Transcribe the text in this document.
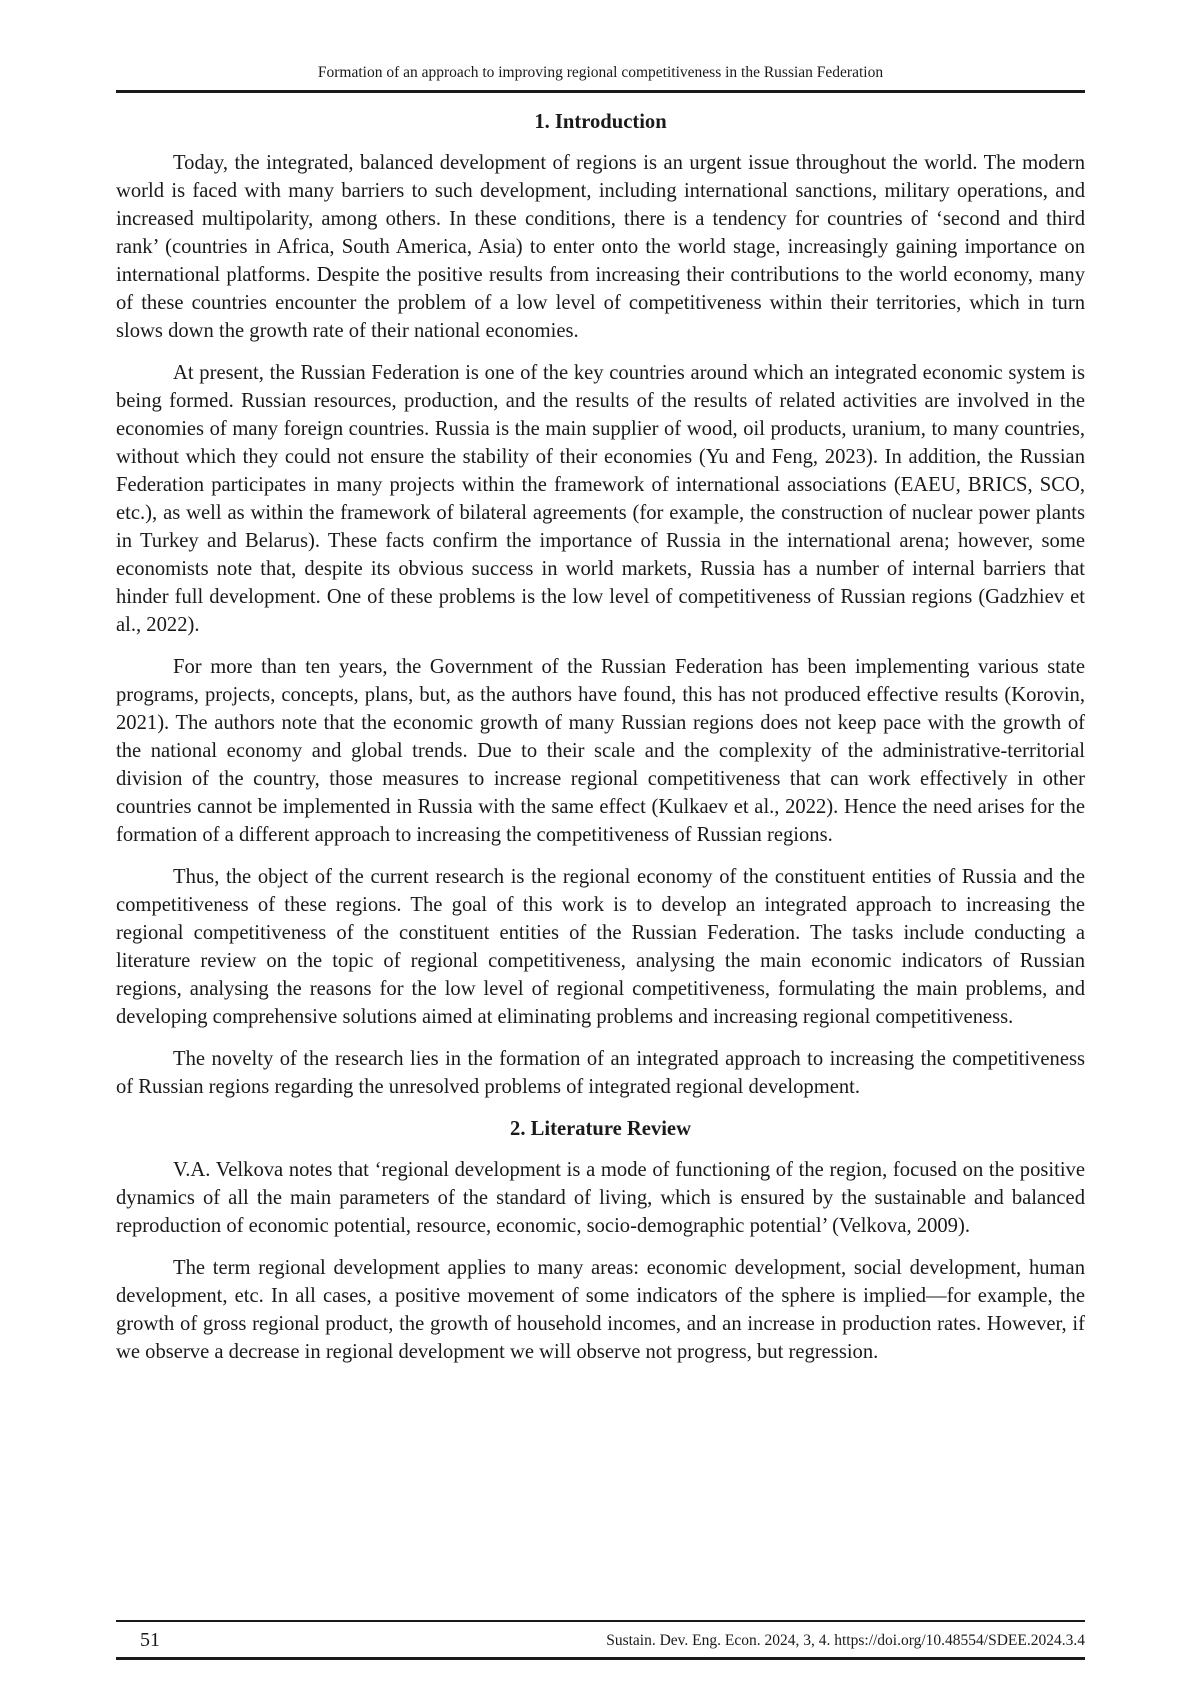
Formation of an approach to improving regional competitiveness in the Russian Federation
1. Introduction

Today, the integrated, balanced development of regions is an urgent issue throughout the world. The modern world is faced with many barriers to such development, including international sanctions, military operations, and increased multipolarity, among others. In these conditions, there is a tendency for countries of ‘second and third rank’ (countries in Africa, South America, Asia) to enter onto the world stage, increasingly gaining importance on international platforms. Despite the positive results from increasing their contributions to the world economy, many of these countries encounter the problem of a low level of competitiveness within their territories, which in turn slows down the growth rate of their national economies.

At present, the Russian Federation is one of the key countries around which an integrated economic system is being formed. Russian resources, production, and the results of the results of related activities are involved in the economies of many foreign countries. Russia is the main supplier of wood, oil products, uranium, to many countries, without which they could not ensure the stability of their economies (Yu and Feng, 2023). In addition, the Russian Federation participates in many projects within the framework of international associations (EAEU, BRICS, SCO, etc.), as well as within the framework of bilateral agreements (for example, the construction of nuclear power plants in Turkey and Belarus). These facts confirm the importance of Russia in the international arena; however, some economists note that, despite its obvious success in world markets, Russia has a number of internal barriers that hinder full development. One of these problems is the low level of competitiveness of Russian regions (Gadzhiev et al., 2022).

For more than ten years, the Government of the Russian Federation has been implementing various state programs, projects, concepts, plans, but, as the authors have found, this has not produced effective results (Korovin, 2021). The authors note that the economic growth of many Russian regions does not keep pace with the growth of the national economy and global trends. Due to their scale and the complexity of the administrative-territorial division of the country, those measures to increase regional competitiveness that can work effectively in other countries cannot be implemented in Russia with the same effect (Kulkaev et al., 2022). Hence the need arises for the formation of a different approach to increasing the competitiveness of Russian regions.

Thus, the object of the current research is the regional economy of the constituent entities of Russia and the competitiveness of these regions. The goal of this work is to develop an integrated approach to increasing the regional competitiveness of the constituent entities of the Russian Federation. The tasks include conducting a literature review on the topic of regional competitiveness, analysing the main economic indicators of Russian regions, analysing the reasons for the low level of regional competitiveness, formulating the main problems, and developing comprehensive solutions aimed at eliminating problems and increasing regional competitiveness.

The novelty of the research lies in the formation of an integrated approach to increasing the competitiveness of Russian regions regarding the unresolved problems of integrated regional development.

2. Literature Review

V.A. Velkova notes that ‘regional development is a mode of functioning of the region, focused on the positive dynamics of all the main parameters of the standard of living, which is ensured by the sustainable and balanced reproduction of economic potential, resource, economic, socio-demographic potential’ (Velkova, 2009).

The term regional development applies to many areas: economic development, social development, human development, etc. In all cases, a positive movement of some indicators of the sphere is implied—for example, the growth of gross regional product, the growth of household incomes, and an increase in production rates. However, if we observe a decrease in regional development we will observe not progress, but regression.

51	Sustain. Dev. Eng. Econ. 2024, 3, 4. https://doi.org/10.48554/SDEE.2024.3.4
